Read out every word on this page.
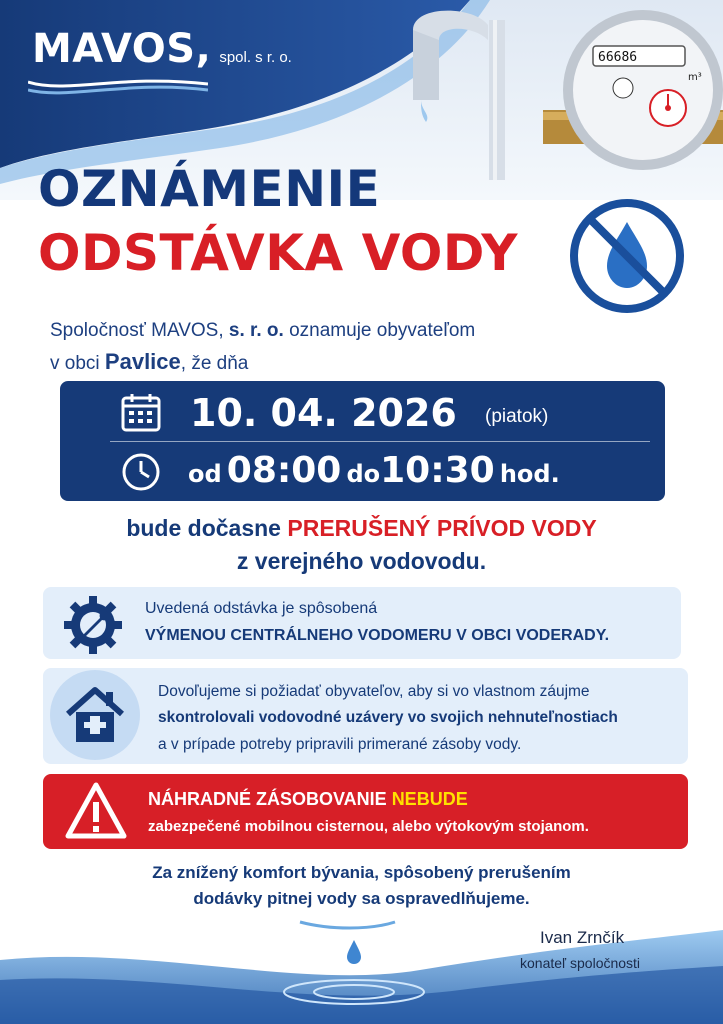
66686
m³
MAVOS, spol. s r. o.
OZNÁMENIE
ODSTÁVKA VODY
Spoločnosť MAVOS, s. r. o. oznamuje obyvateľom
v obci Pavlice, že dňa
10. 04. 2026 (piatok)
od 08:00 do10:30 hod.
bude dočasne PRERUŠENÝ PRÍVOD VODY
z verejného vodovodu.
Uvedená odstávka je spôsobená
VÝMENOU CENTRÁLNEHO VODOMERU V OBCI VODERADY.
Dovoľujeme si požiadať obyvateľov, aby si vo vlastnom záujme
skontrolovali vodovodné uzávery vo svojich nehnuteľnostiach
a v prípade potreby pripravili primerané zásoby vody.
NÁHRADNÉ ZÁSOBOVANIE NEBUDE
zabezpečené mobilnou cisternou, alebo výtokovým stojanom.
Za znížený komfort bývania, spôsobený prerušením
dodávky pitnej vody sa ospravedlňujeme.
Ivan Zrnčík
konateľ spoločnosti
